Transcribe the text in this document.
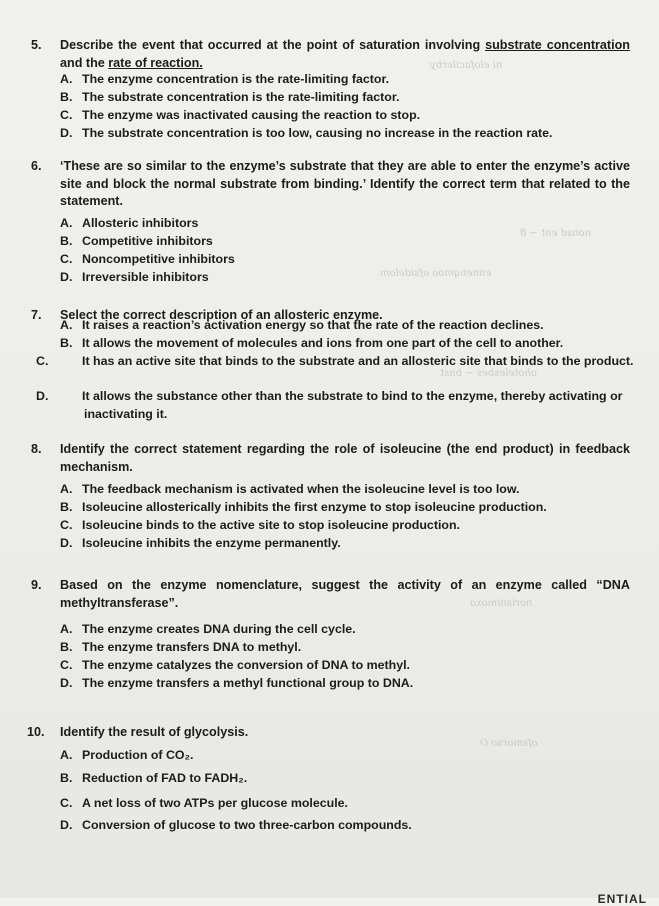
ni elofacilerby
nonsd ent ~ 8
ennenqmoo ofsidelom
ohotelesbes ~ bnst
norisnimoxa
ofsmorso O
5. Describe the event that occurred at the point of saturation involving substrate concentration and the rate of reaction.
A. The enzyme concentration is the rate-limiting factor.
B. The substrate concentration is the rate-limiting factor.
C. The enzyme was inactivated causing the reaction to stop.
D. The substrate concentration is too low, causing no increase in the reaction rate.
6. ‘These are so similar to the enzyme’s substrate that they are able to enter the enzyme’s active site and block the normal substrate from binding.’ Identify the correct term that related to the statement.
A. Allosteric inhibitors
B. Competitive inhibitors
C. Noncompetitive inhibitors
D. Irreversible inhibitors
7. Select the correct description of an allosteric enzyme.
A. It raises a reaction’s activation energy so that the rate of the reaction declines.
B. It allows the movement of molecules and ions from one part of the cell to another.
C.	It has an active site that binds to the substrate and an allosteric site that binds to the product.
D.	It allows the substance other than the substrate to bind to the enzyme, thereby activating or inactivating it.
8. Identify the correct statement regarding the role of isoleucine (the end product) in feedback mechanism.
A. The feedback mechanism is activated when the isoleucine level is too low.
B. Isoleucine allosterically inhibits the first enzyme to stop isoleucine production.
C. Isoleucine binds to the active site to stop isoleucine production.
D. Isoleucine inhibits the enzyme permanently.
9. Based on the enzyme nomenclature, suggest the activity of an enzyme called “DNA methyltransferase”.
A. The enzyme creates DNA during the cell cycle.
B. The enzyme transfers DNA to methyl.
C. The enzyme catalyzes the conversion of DNA to methyl.
D. The enzyme transfers a methyl functional group to DNA.
10. Identify the result of glycolysis.
A. Production of CO₂.
B. Reduction of FAD to FADH₂.
C. A net loss of two ATPs per glucose molecule.
D. Conversion of glucose to two three-carbon compounds.
ENTIAL
